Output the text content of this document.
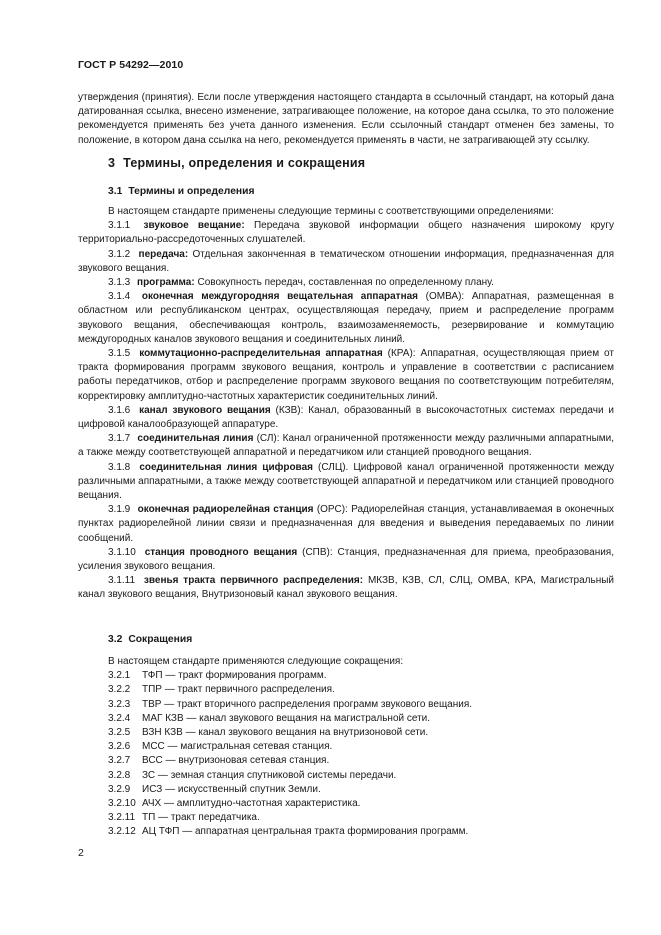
ГОСТ Р 54292—2010

утверждения (принятия). Если после утверждения настоящего стандарта в ссылочный стандарт, на который дана датированная ссылка, внесено изменение, затрагивающее положение, на которое дана ссылка, то это положение рекомендуется применять без учета данного изменения. Если ссылочный стандарт отменен без замены, то положение, в котором дана ссылка на него, рекомендуется применять в части, не затрагивающей эту ссылку.

3 Термины, определения и сокращения
3.1 Термины и определения

В настоящем стандарте применены следующие термины с соответствующими определениями:

3.1.1 звуковое вещание: Передача звуковой информации общего назначения широкому кругу территориально-рассредоточенных слушателей.

3.1.2 передача: Отдельная законченная в тематическом отношении информация, предназначенная для звукового вещания.

3.1.3 программа: Совокупность передач, составленная по определенному плану.

3.1.4 оконечная междугородняя вещательная аппаратная (ОМВА): Аппаратная, размещенная в областном или республиканском центрах, осуществляющая передачу, прием и распределение программ звукового вещания, обеспечивающая контроль, взаимозаменяемость, резервирование и коммутацию междугородных каналов звукового вещания и соединительных линий.

3.1.5 коммутационно-распределительная аппаратная (КРА): Аппаратная, осуществляющая прием от тракта формирования программ звукового вещания, контроль и управление в соответствии с расписанием работы передатчиков, отбор и распределение программ звукового вещания по соответствующим потребителям, корректировку амплитудно-частотных характеристик соединительных линий.

3.1.6 канал звукового вещания (КЗВ): Канал, образованный в высокочастотных системах передачи и цифровой каналообразующей аппаратуре.

3.1.7 соединительная линия (СЛ): Канал ограниченной протяженности между различными аппаратными, а также между соответствующей аппаратной и передатчиком или станцией проводного вещания.

3.1.8 соединительная линия цифровая (СЛЦ). Цифровой канал ограниченной протяженности между различными аппаратными, а также между соответствующей аппаратной и передатчиком или станцией проводного вещания.

3.1.9 оконечная радиорелейная станция (ОРС): Радиорелейная станция, устанавливаемая в оконечных пунктах радиорелейной линии связи и предназначенная для введения и выведения передаваемых по линии сообщений.

3.1.10 станция проводного вещания (СПВ): Станция, предназначенная для приема, преобразования, усиления звукового вещания.

3.1.11 звенья тракта первичного распределения: МКЗВ, КЗВ, СЛ, СЛЦ, ОМВА, КРА, Магистральный канал звукового вещания, Внутризоновый канал звукового вещания.

3.2 Сокращения

В настоящем стандарте применяются следующие сокращения:

3.2.1 ТФП — тракт формирования программ.

3.2.2 ТПР — тракт первичного распределения.

3.2.3 ТВР — тракт вторичного распределения программ звукового вещания.

3.2.4 МАГ КЗВ — канал звукового вещания на магистральной сети.

3.2.5 ВЗН КЗВ — канал звукового вещания на внутризоновой сети.

3.2.6 МСС — магистральная сетевая станция.

3.2.7 ВСС — внутризоновая сетевая станция.

3.2.8 ЗС — земная станция спутниковой системы передачи.

3.2.9 ИСЗ — искусственный спутник Земли.

3.2.10 АЧХ — амплитудно-частотная характеристика.

3.2.11 ТП — тракт передатчика.

3.2.12 АЦ ТФП — аппаратная центральная тракта формирования программ.

2
